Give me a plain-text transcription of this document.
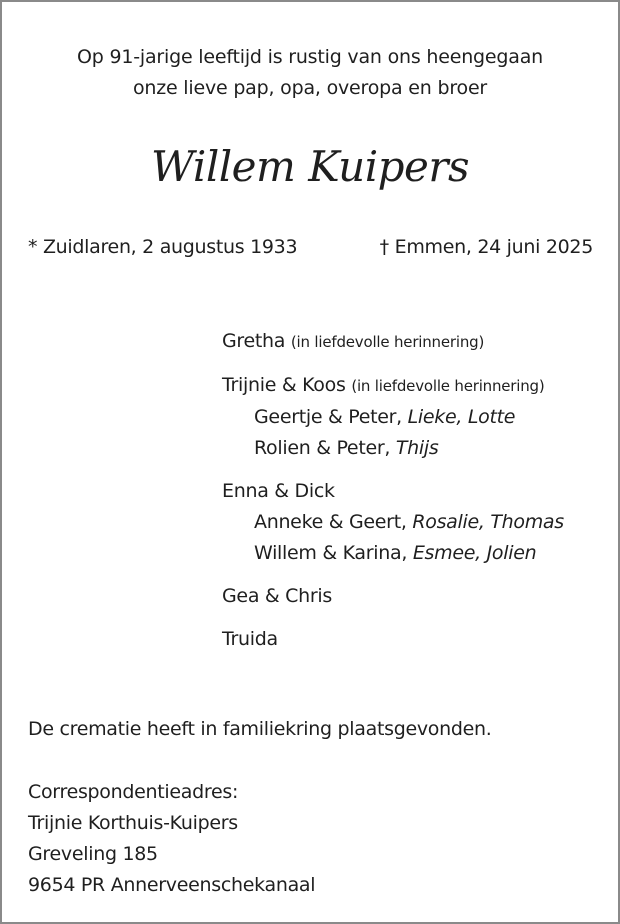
Op 91-jarige leeftijd is rustig van ons heengegaan
onze lieve pap, opa, overopa en broer
Willem Kuipers
* Zuidlaren, 2 augustus 1933	† Emmen, 24 juni 2025
Gretha (in liefdevolle herinnering)
Trijnie & Koos (in liefdevolle herinnering)
Geertje & Peter, Lieke, Lotte
Rolien & Peter, Thijs
Enna & Dick
Anneke & Geert, Rosalie, Thomas
Willem & Karina, Esmee, Jolien
Gea & Chris
Truida
De crematie heeft in familiekring plaatsgevonden.
Correspondentieadres:
Trijnie Korthuis-Kuipers
Greveling 185
9654 PR Annerveenschekanaal
